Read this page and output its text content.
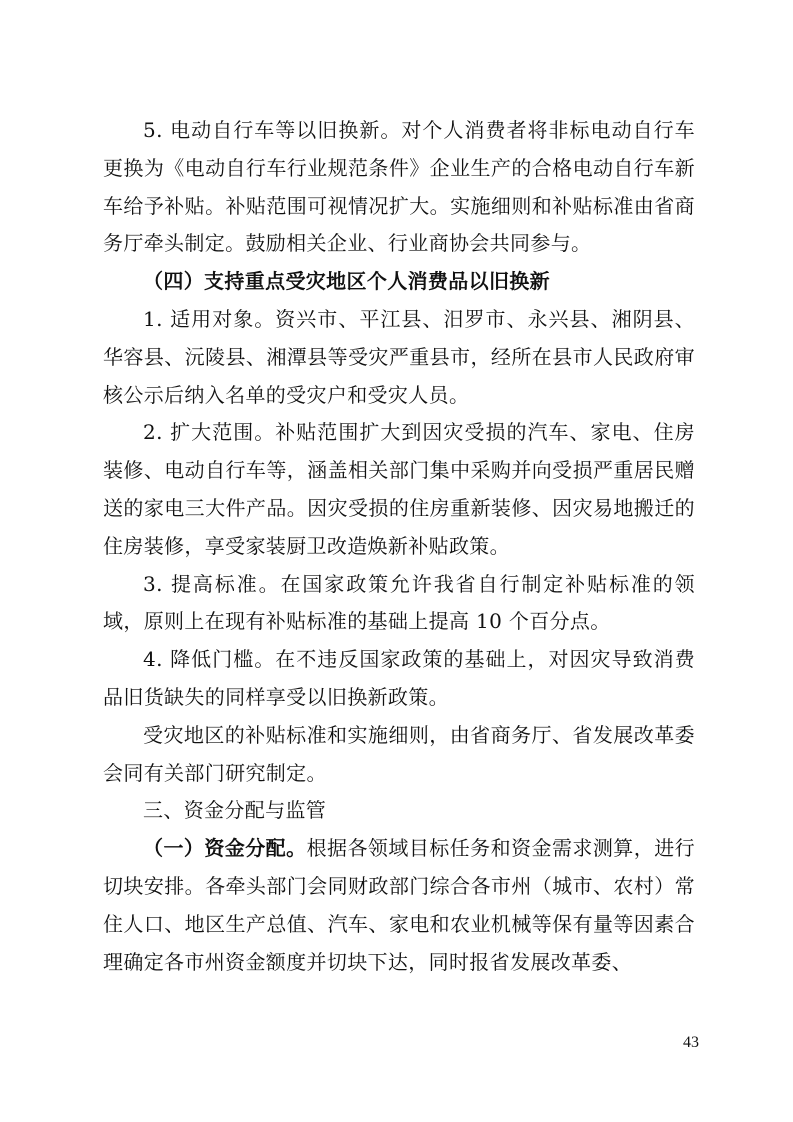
5. 电动自行车等以旧换新。对个人消费者将非标电动自行车更换为《电动自行车行业规范条件》企业生产的合格电动自行车新车给予补贴。补贴范围可视情况扩大。实施细则和补贴标准由省商务厅牵头制定。鼓励相关企业、行业商协会共同参与。

（四）支持重点受灾地区个人消费品以旧换新

1. 适用对象。资兴市、平江县、汨罗市、永兴县、湘阴县、华容县、沅陵县、湘潭县等受灾严重县市，经所在县市人民政府审核公示后纳入名单的受灾户和受灾人员。

2. 扩大范围。补贴范围扩大到因灾受损的汽车、家电、住房装修、电动自行车等，涵盖相关部门集中采购并向受损严重居民赠送的家电三大件产品。因灾受损的住房重新装修、因灾易地搬迁的住房装修，享受家装厨卫改造焕新补贴政策。

3. 提高标准。在国家政策允许我省自行制定补贴标准的领域，原则上在现有补贴标准的基础上提高 10 个百分点。

4. 降低门槛。在不违反国家政策的基础上，对因灾导致消费品旧货缺失的同样享受以旧换新政策。

受灾地区的补贴标准和实施细则，由省商务厅、省发展改革委会同有关部门研究制定。

三、资金分配与监管

（一）资金分配。根据各领域目标任务和资金需求测算，进行切块安排。各牵头部门会同财政部门综合各市州（城市、农村）常住人口、地区生产总值、汽车、家电和农业机械等保有量等因素合理确定各市州资金额度并切块下达，同时报省发展改革委、

43
